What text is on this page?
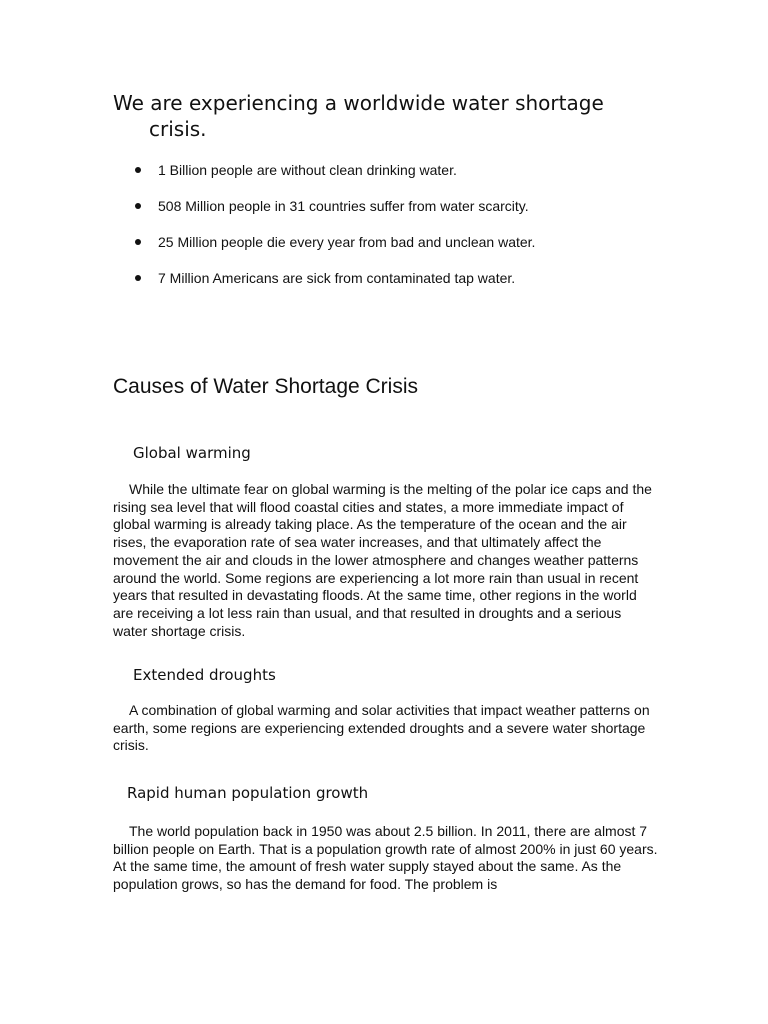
We are experiencing a worldwide water shortage
crisis.
1 Billion people are without clean drinking water.
508 Million people in 31 countries suffer from water scarcity.
25 Million people die every year from bad and unclean water.
7 Million Americans are sick from contaminated tap water.
Causes of Water Shortage Crisis
Global warming

While the ultimate fear on global warming is the melting of the polar ice caps and the rising sea level that will flood coastal cities and states, a more immediate impact of global warming is already taking place. As the temperature of the ocean and the air rises, the evaporation rate of sea water increases, and that ultimately affect the movement the air and clouds in the lower atmosphere and changes weather patterns around the world. Some regions are experiencing a lot more rain than usual in recent years that resulted in devastating floods. At the same time, other regions in the world are receiving a lot less rain than usual, and that resulted in droughts and a serious water shortage crisis.

Extended droughts

A combination of global warming and solar activities that impact weather patterns on earth, some regions are experiencing extended droughts and a severe water shortage crisis.

Rapid human population growth

The world population back in 1950 was about 2.5 billion. In 2011, there are almost 7 billion people on Earth. That is a population growth rate of almost 200% in just 60 years. At the same time, the amount of fresh water supply stayed about the same. As the population grows, so has the demand for food. The problem is
